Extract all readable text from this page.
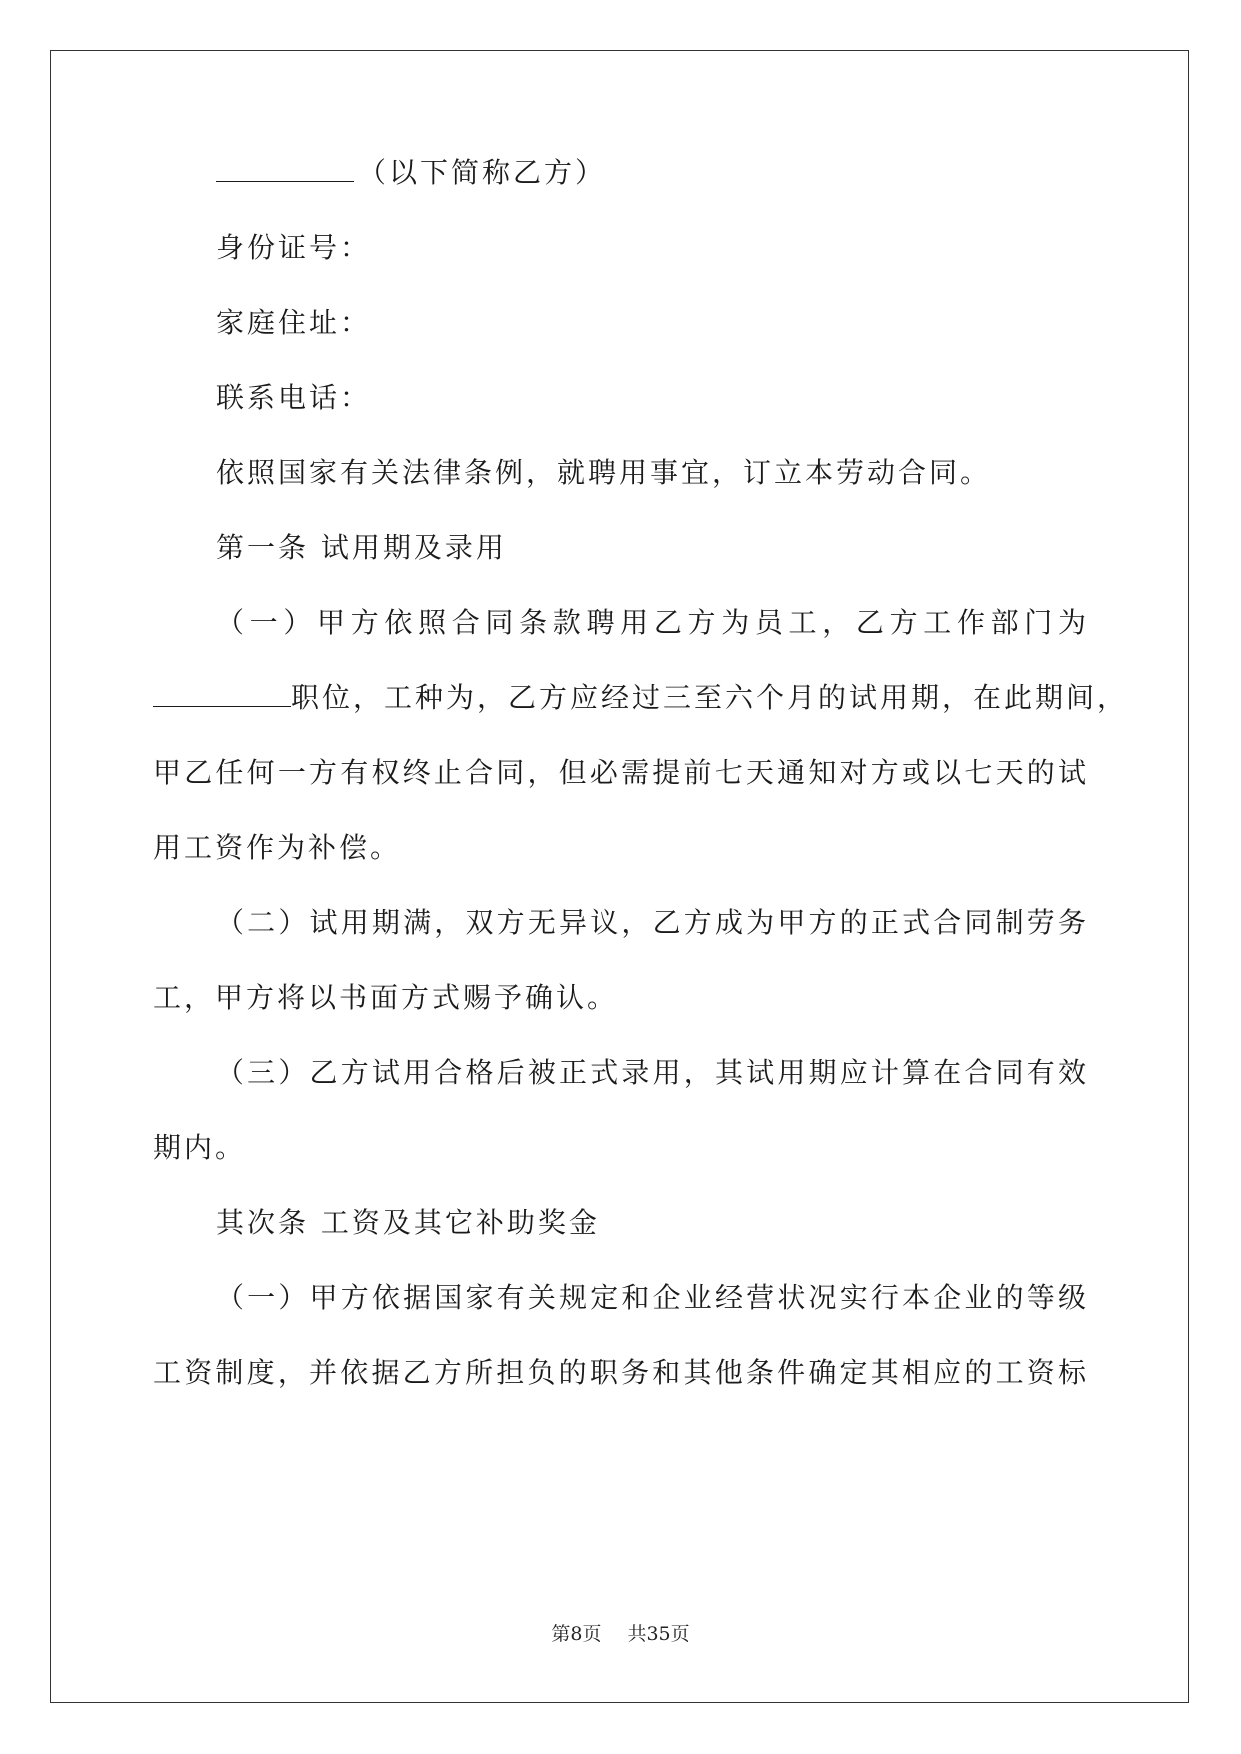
（以下简称乙方）
身份证号：
家庭住址：
联系电话：
依照国家有关法律条例，就聘用事宜，订立本劳动合同。
第一条 试用期及录用
（一）甲方依照合同条款聘用乙方为员工，乙方工作部门为
职位，工种为，乙方应经过三至六个月的试用期，在此期间，
甲乙任何一方有权终止合同，但必需提前七天通知对方或以七天的试
用工资作为补偿。
（二）试用期满，双方无异议，乙方成为甲方的正式合同制劳务
工，甲方将以书面方式赐予确认。
（三）乙方试用合格后被正式录用，其试用期应计算在合同有效
期内。
其次条 工资及其它补助奖金
（一）甲方依据国家有关规定和企业经营状况实行本企业的等级
工资制度，并依据乙方所担负的职务和其他条件确定其相应的工资标
第8页 共35页
